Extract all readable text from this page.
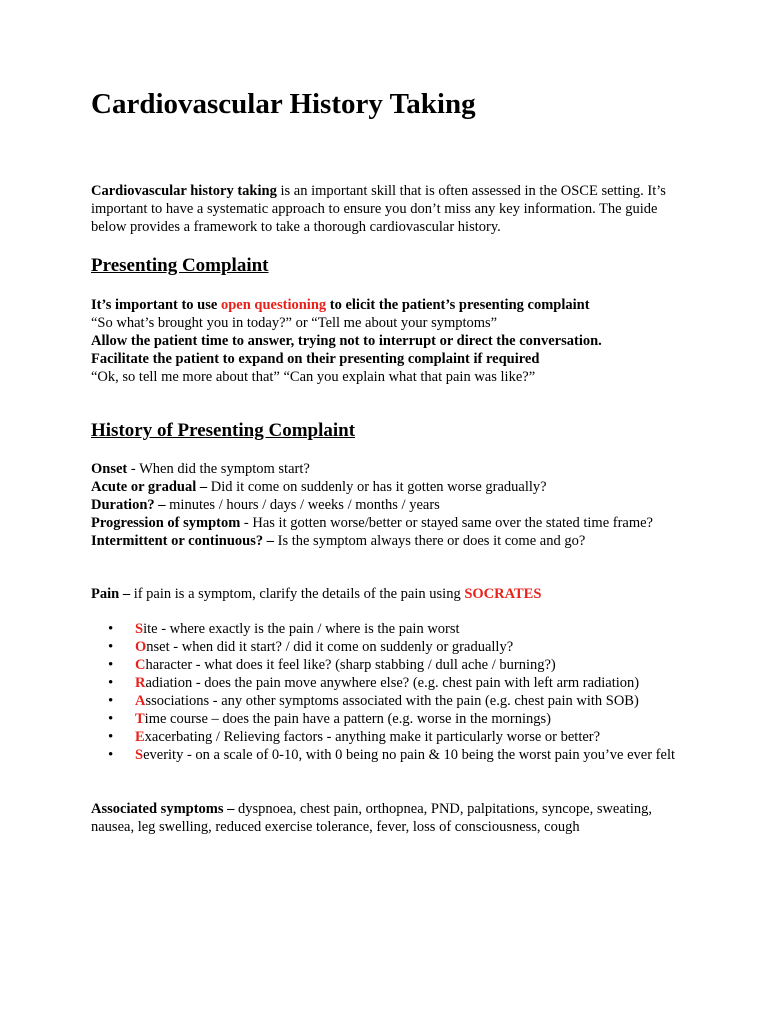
Cardiovascular History Taking

Cardiovascular history taking is an important skill that is often assessed in the OSCE setting. It’s important to have a systematic approach to ensure you don’t miss any key information. The guide below provides a framework to take a thorough cardiovascular history.

Presenting Complaint

It’s important to use open questioning to elicit the patient’s presenting complaint

“So what’s brought you in today?” or “Tell me about your symptoms”

Allow the patient time to answer, trying not to interrupt or direct the conversation.

Facilitate the patient to expand on their presenting complaint if required

“Ok, so tell me more about that” “Can you explain what that pain was like?”

History of Presenting Complaint

Onset - When did the symptom start?

Acute or gradual – Did it come on suddenly or has it gotten worse gradually?

Duration? – minutes / hours / days / weeks / months / years

Progression of symptom - Has it gotten worse/better or stayed same over the stated time frame?

Intermittent or continuous? – Is the symptom always there or does it come and go?

Pain – if pain is a symptom, clarify the details of the pain using SOCRATES

• Site - where exactly is the pain / where is the pain worst
• Onset - when did it start? / did it come on suddenly or gradually?
• Character - what does it feel like? (sharp stabbing / dull ache / burning?)
• Radiation - does the pain move anywhere else? (e.g. chest pain with left arm radiation)
• Associations - any other symptoms associated with the pain (e.g. chest pain with SOB)
• Time course – does the pain have a pattern (e.g. worse in the mornings)
• Exacerbating / Relieving factors - anything make it particularly worse or better?
• Severity - on a scale of 0-10, with 0 being no pain & 10 being the worst pain you’ve ever felt

Associated symptoms – dyspnoea, chest pain, orthopnea, PND, palpitations, syncope, sweating, nausea, leg swelling, reduced exercise tolerance, fever, loss of consciousness, cough
